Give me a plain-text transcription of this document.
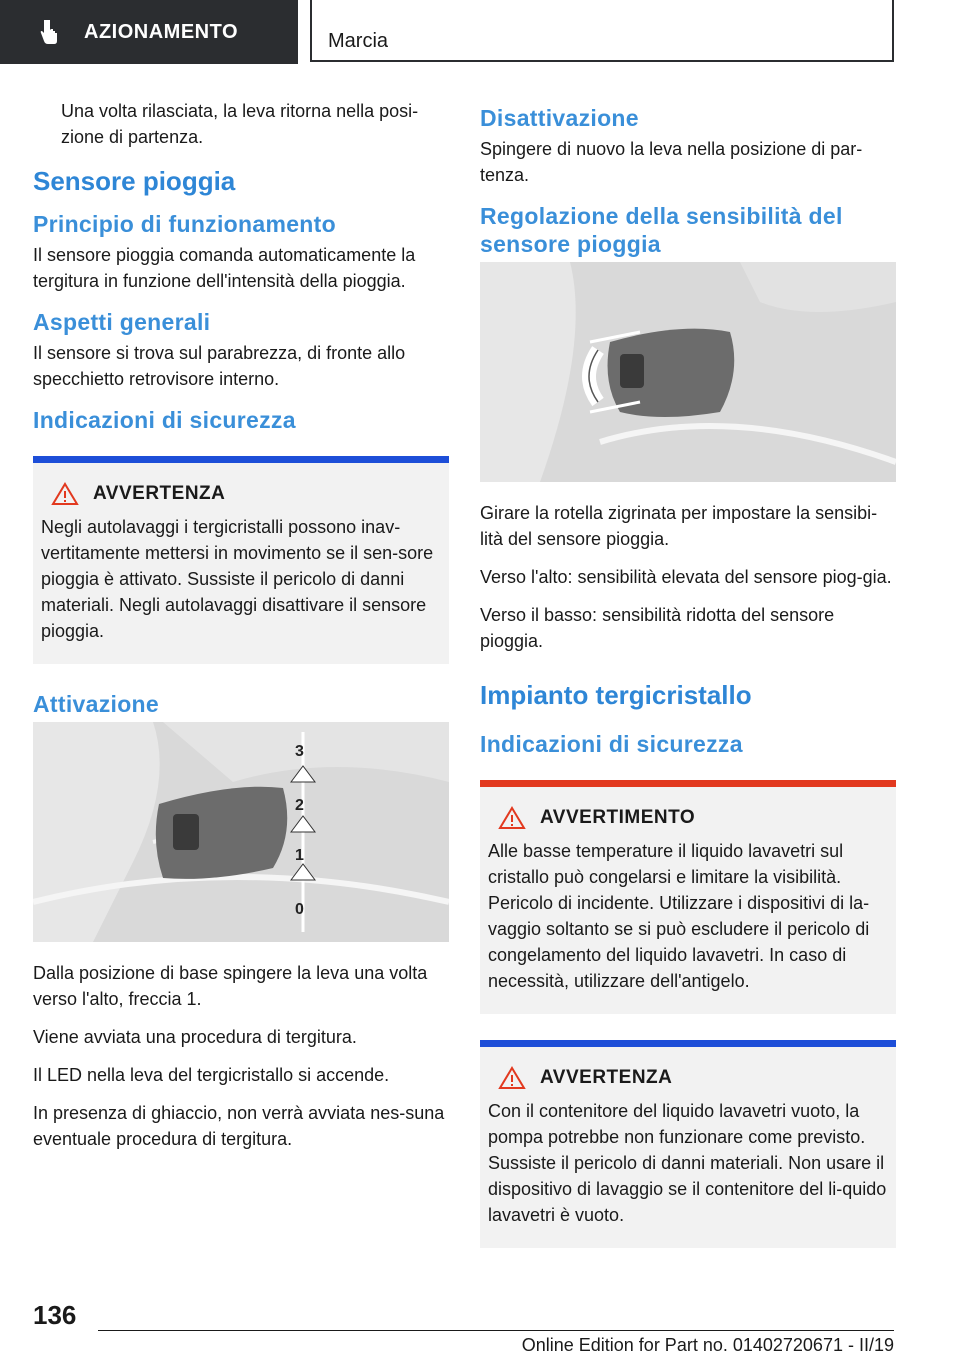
AZIONAMENTO	Marcia

Una volta rilasciata, la leva ritorna nella posi-zione di partenza.

Sensore pioggia
Principio di funzionamento

Il sensore pioggia comanda automaticamente la tergitura in funzione dell'intensità della pioggia.

Aspetti generali

Il sensore si trova sul parabrezza, di fronte allo specchietto retrovisore interno.

Indicazioni di sicurezza
AVVERTENZA

Negli autolavaggi i tergicristalli possono inav-vertitamente mettersi in movimento se il sen-sore pioggia è attivato. Sussiste il pericolo di danni materiali. Negli autolavaggi disattivare il sensore pioggia.

Attivazione
3
2
1
0

Dalla posizione di base spingere la leva una volta verso l'alto, freccia 1.

Viene avviata una procedura di tergitura.

Il LED nella leva del tergicristallo si accende.

In presenza di ghiaccio, non verrà avviata nes-suna eventuale procedura di tergitura.

Disattivazione

Spingere di nuovo la leva nella posizione di par-tenza.

Regolazione della sensibilità del sensore pioggia

Girare la rotella zigrinata per impostare la sensibi-lità del sensore pioggia.

Verso l'alto: sensibilità elevata del sensore piog-gia.

Verso il basso: sensibilità ridotta del sensore pioggia.

Impianto tergicristallo
Indicazioni di sicurezza
AVVERTIMENTO

Alle basse temperature il liquido lavavetri sul cristallo può congelarsi e limitare la visibilità. Pericolo di incidente. Utilizzare i dispositivi di la-vaggio soltanto se si può escludere il pericolo di congelamento del liquido lavavetri. In caso di necessità, utilizzare dell'antigelo.

AVVERTENZA

Con il contenitore del liquido lavavetri vuoto, la pompa potrebbe non funzionare come previsto. Sussiste il pericolo di danni materiali. Non usare il dispositivo di lavaggio se il contenitore del li-quido lavavetri è vuoto.

136
Online Edition for Part no. 01402720671 - II/19
